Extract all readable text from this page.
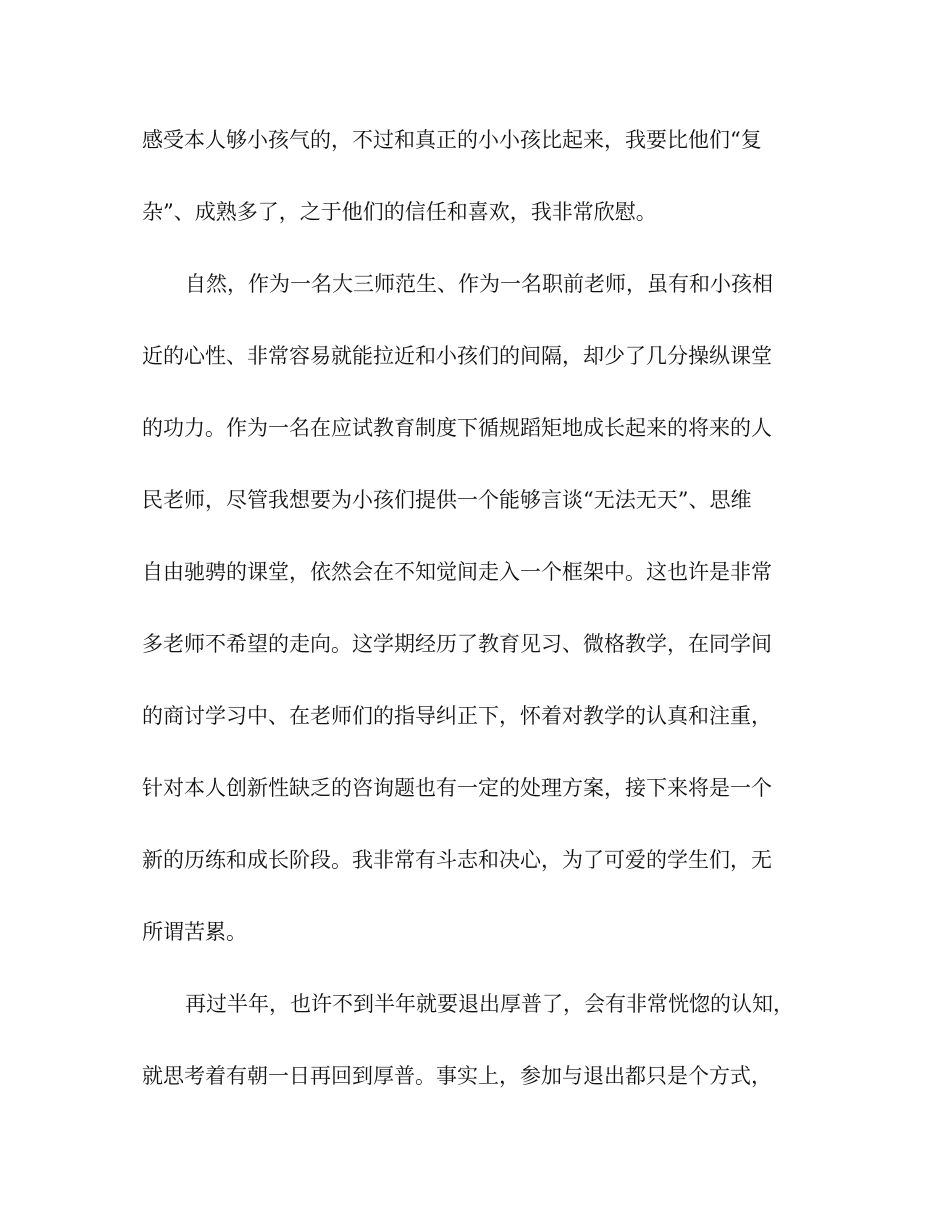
感受本人够小孩气的，不过和真正的小小孩比起来，我要比他们“复
杂”、成熟多了，之于他们的信任和喜欢，我非常欣慰。
自然，作为一名大三师范生、作为一名职前老师，虽有和小孩相
近的心性、非常容易就能拉近和小孩们的间隔，却少了几分操纵课堂
的功力。作为一名在应试教育制度下循规蹈矩地成长起来的将来的人
民老师，尽管我想要为小孩们提供一个能够言谈“无法无天”、思维
自由驰骋的课堂，依然会在不知觉间走入一个框架中。这也许是非常
多老师不希望的走向。这学期经历了教育见习、微格教学，在同学间
的商讨学习中、在老师们的指导纠正下，怀着对教学的认真和注重，
针对本人创新性缺乏的咨询题也有一定的处理方案，接下来将是一个
新的历练和成长阶段。我非常有斗志和决心，为了可爱的学生们，无
所谓苦累。
再过半年，也许不到半年就要退出厚普了，会有非常恍惚的认知，
就思考着有朝一日再回到厚普。事实上，参加与退出都只是个方式，
